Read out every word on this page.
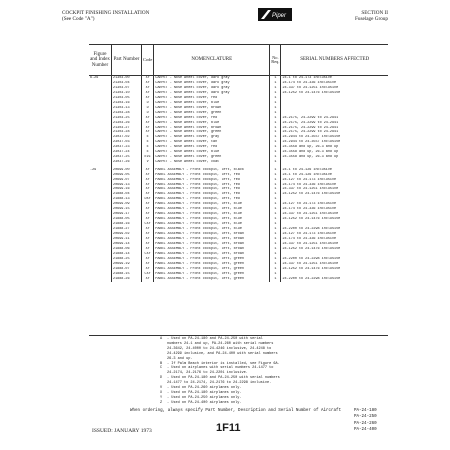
COCKPIT FINISHING INSTALLATION
(See Code "A")	Piper	SECTION II
Fuselage Group
Figure and Index Number	Part Number	Code	NOMENCLATURE	No. Req.	SERIAL NUMBERS AFFECTED
6-26	21303-00	XY	CARPET - Nose wheel cover, dark gray	1	24-1 to 24-173 inclusive
	21303-04	XY	CARPET - Nose wheel cover, dark gray	1	24-174 to 24-336 inclusive
	21303-07	XY	CARPET - Nose wheel cover, dark gray	1	24-337 to 24-1251 inclusive
	21303-10	XY	CARPET - Nose wheel cover, dark gray	1	24-1252 to 24-1476 inclusive
	21303-05	XY	CARPET - Nose wheel cover, red	1	
	21303-16	D	CARPET - Nose wheel cover, blue	1	
	21303-13	D	CARPET - Nose wheel cover, brown	1	
	21303-28	D	CARPET - Nose wheel cover, green	1	
	21303-25	XY	CARPET - Nose wheel cover, red	1	24-2175, 24-2299 to 24-2941
	21303-26	XY	CARPET - Nose wheel cover, blue	1	24-2175, 24-2299 to 24-2941
	21303-27	XY	CARPET - Nose wheel cover, brown	1	24-2175, 24-2299 to 24-2941
	21303-28	XY	CARPET - Nose wheel cover, green	1	24-2175, 24-2299 to 24-2941
	23037-02	E	CARPET - Nose wheel cover, gray	1	24-2944 to 24-3557 inclusive
	23037-03	E	CARPET - Nose wheel cover, tan	1	24-2944 to 24-3557 inclusive
	23037-23	E	CARPET - Nose wheel cover, red	1	24-3558 and up, 26-3 and up
	23037-24	E	CARPET - Nose wheel cover, blue	1	24-3558 and up, 26-3 and up
	23037-25	EVZ	CARPET - Nose wheel cover, green	1	24-3558 and up, 26-3 and up
	23037-26	V	CARPET - Nose wheel cover, coat	1	

-29	20699-00	XY	PANEL ASSEMBLY - Front cockpit, left, black	1	24-1 to 24-126 inclusive
	20699-05	XY	PANEL ASSEMBLY - Front cockpit, left, red	1	24-1 to 24-126 inclusive
	20699-07	XY	PANEL ASSEMBLY - Front cockpit, left, red	1	24-127 to 24-173 inclusive
	20699-13	XY	PANEL ASSEMBLY - Front cockpit, left, red	1	24-174 to 24-336 inclusive
	20699-16	XY	PANEL ASSEMBLY - Front cockpit, left, red	1	24-337 to 24-1251 inclusive
	21888-04	XY	PANEL ASSEMBLY - Front cockpit, left, red	1	24-1252 to 24-1476 inclusive
	21888-13	DXY	PANEL ASSEMBLY - Front cockpit, left, red	1	
	20699-09	XY	PANEL ASSEMBLY - Front cockpit, left, blue	1	24-127 to 24-173 inclusive
	20699-15	XY	PANEL ASSEMBLY - Front cockpit, left, blue	1	24-174 to 24-336 inclusive
	20699-17	XY	PANEL ASSEMBLY - Front cockpit, left, blue	1	24-337 to 24-1251 inclusive
	21888-05	XY	PANEL ASSEMBLY - Front cockpit, left, blue	1	24-1252 to 24-1476 inclusive
	21888-16	CXY	PANEL ASSEMBLY - Front cockpit, left, blue	1	
	21888-27	XY	PANEL ASSEMBLY - Front cockpit, left, blue	1	24-2200 to 24-2298 inclusive
	20699-02	XY	PANEL ASSEMBLY - Front cockpit, left, brown	1	24-127 to 24-173 inclusive
	20699-11	XY	PANEL ASSEMBLY - Front cockpit, left, brown	1	24-174 to 24-336 inclusive
	20699-14	XY	PANEL ASSEMBLY - Front cockpit, left, brown	1	24-337 to 24-1251 inclusive
	21888-06	XY	PANEL ASSEMBLY - Front cockpit, left, brown	1	24-1252 to 24-1476 inclusive
	21888-14	CXY	PANEL ASSEMBLY - Front cockpit, left, brown	1	
	21888-25	XY	PANEL ASSEMBLY - Front cockpit, left, green	1	24-2200 to 24-2298 inclusive
	20699-19	XY	PANEL ASSEMBLY - Front cockpit, left, green	1	24-337 to 24-1251 inclusive
	21888-07	XY	PANEL ASSEMBLY - Front cockpit, left, green	1	24-1252 to 24-1476 inclusive
	21888-15	CXY	PANEL ASSEMBLY - Front cockpit, left, green	1	
	21888-26	XY	PANEL ASSEMBLY - Front cockpit, left, green	1	24-2200 to 24-2298 inclusive
A	- Used on PA-24-180 and PA-24-250 with serial
numbers 24-1 and up, PA-24-260 with serial numbers
24-3642, 24-4000 to 24-4246 inclusive, 24-4248 to
24-4299 inclusive, and PA-24-400 with serial numbers
26-3 and up.
B	- If Palm Beach interior is installed, see Figure 6A.
C	- Used on airplanes with serial numbers 24-1477 to
24-2174, 24-2176 to 24-2201 inclusive.
D	- Used on PA-24-180 and PA-24-250 with serial numbers
24-1477 to 24-2174, 24-2176 to 24-2298 inclusive.
V	- Used on PA-24-260 airplanes only.
X	- Used on PA-24-180 airplanes only.
Y	- Used on PA-24-250 airplanes only.
Z	- Used on PA-24-400 airplanes only.
When ordering, always specify Part Number, Description and Serial Number of Aircraft
ISSUED: JANUARY 1973	1F11
PA-24-180
PA-24-250
PA-24-260
PA-24-400
